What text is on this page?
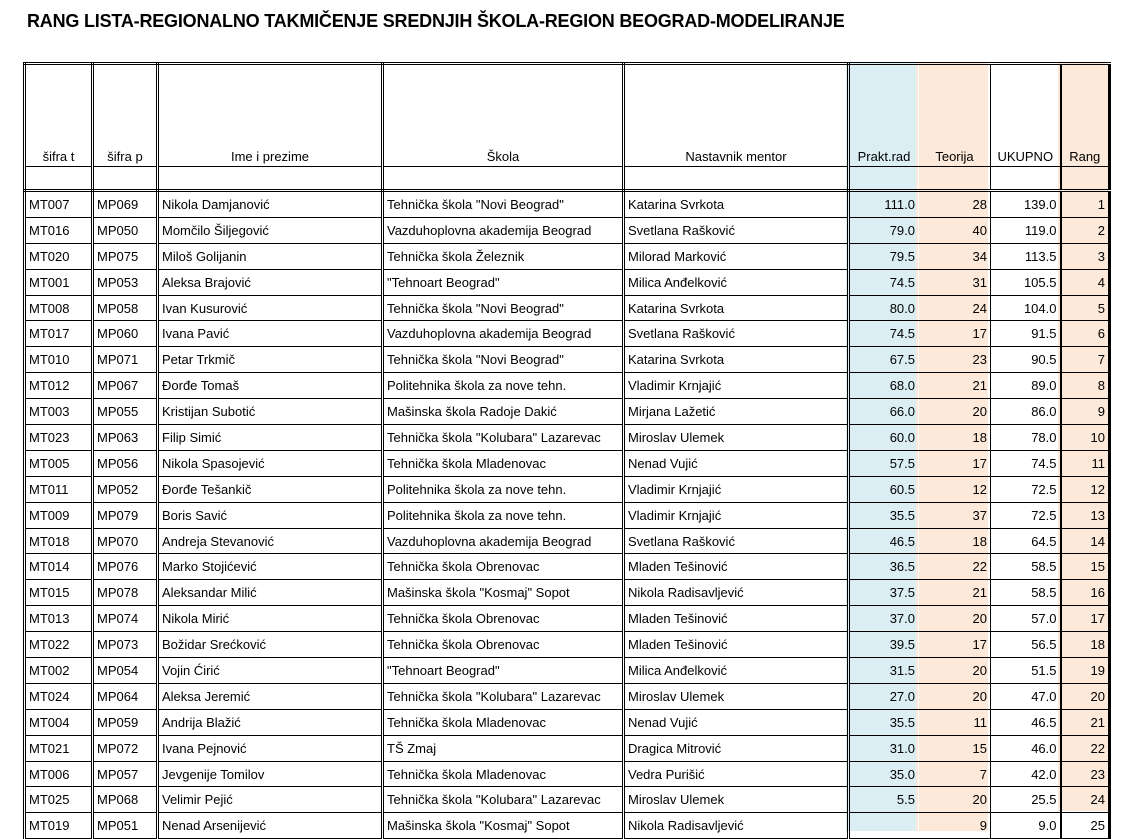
RANG LISTA-REGIONALNO TAKMIČENJE SREDNJIH ŠKOLA-REGION BEOGRAD-MODELIRANJE
šifra t	šifra p	Ime i prezime	Škola	Nastavnik mentor	Prakt.rad	Teorija	UKUPNO	Rang

MT007	MP069	Nikola Damjanović	Tehnička škola "Novi Beograd"	Katarina Svrkota	111.0	28	139.0	1
MT016	MP050	Momčilo Šiljegović	Vazduhoplovna akademija Beograd	Svetlana Rašković	79.0	40	119.0	2
MT020	MP075	Miloš Golijanin	Tehnička škola Železnik	Milorad Marković	79.5	34	113.5	3
MT001	MP053	Aleksa Brajović	"Tehnoart Beograd"	Milica Anđelković	74.5	31	105.5	4
MT008	MP058	Ivan Kusurović	Tehnička škola "Novi Beograd"	Katarina Svrkota	80.0	24	104.0	5
MT017	MP060	Ivana Pavić	Vazduhoplovna akademija Beograd	Svetlana Rašković	74.5	17	91.5	6
MT010	MP071	Petar Trkmič	Tehnička škola "Novi Beograd"	Katarina Svrkota	67.5	23	90.5	7
MT012	MP067	Đorđe Tomaš	Politehnika škola za nove tehn.	Vladimir Krnjajić	68.0	21	89.0	8
MT003	MP055	Kristijan Subotić	Mašinska škola Radoje Dakić	Mirjana Lažetić	66.0	20	86.0	9
MT023	MP063	Filip Simić	Tehnička škola "Kolubara" Lazarevac	Miroslav Ulemek	60.0	18	78.0	10
MT005	MP056	Nikola Spasojević	Tehnička škola Mladenovac	Nenad Vujić	57.5	17	74.5	11
MT011	MP052	Đorđe Tešankič	Politehnika škola za nove tehn.	Vladimir Krnjajić	60.5	12	72.5	12
MT009	MP079	Boris Savić	Politehnika škola za nove tehn.	Vladimir Krnjajić	35.5	37	72.5	13
MT018	MP070	Andreja Stevanović	Vazduhoplovna akademija Beograd	Svetlana Rašković	46.5	18	64.5	14
MT014	MP076	Marko Stojićević	Tehnička škola Obrenovac	Mladen Tešinović	36.5	22	58.5	15
MT015	MP078	Aleksandar Milić	Mašinska škola "Kosmaj" Sopot	Nikola Radisavljević	37.5	21	58.5	16
MT013	MP074	Nikola Mirić	Tehnička škola Obrenovac	Mladen Tešinović	37.0	20	57.0	17
MT022	MP073	Božidar Srećković	Tehnička škola Obrenovac	Mladen Tešinović	39.5	17	56.5	18
MT002	MP054	Vojin Ćirić	"Tehnoart Beograd"	Milica Anđelković	31.5	20	51.5	19
MT024	MP064	Aleksa Jeremić	Tehnička škola "Kolubara" Lazarevac	Miroslav Ulemek	27.0	20	47.0	20
MT004	MP059	Andrija Blažić	Tehnička škola Mladenovac	Nenad Vujić	35.5	11	46.5	21
MT021	MP072	Ivana Pejnović	TŠ Zmaj	Dragica Mitrović	31.0	15	46.0	22
MT006	MP057	Jevgenije Tomilov	Tehnička škola Mladenovac	Vedra Purišić	35.0	7	42.0	23
MT025	MP068	Velimir Pejić	Tehnička škola "Kolubara" Lazarevac	Miroslav Ulemek	5.5	20	25.5	24
MT019	MP051	Nenad Arsenijević	Mašinska škola "Kosmaj" Sopot	Nikola Radisavljević		9	9.0	25
